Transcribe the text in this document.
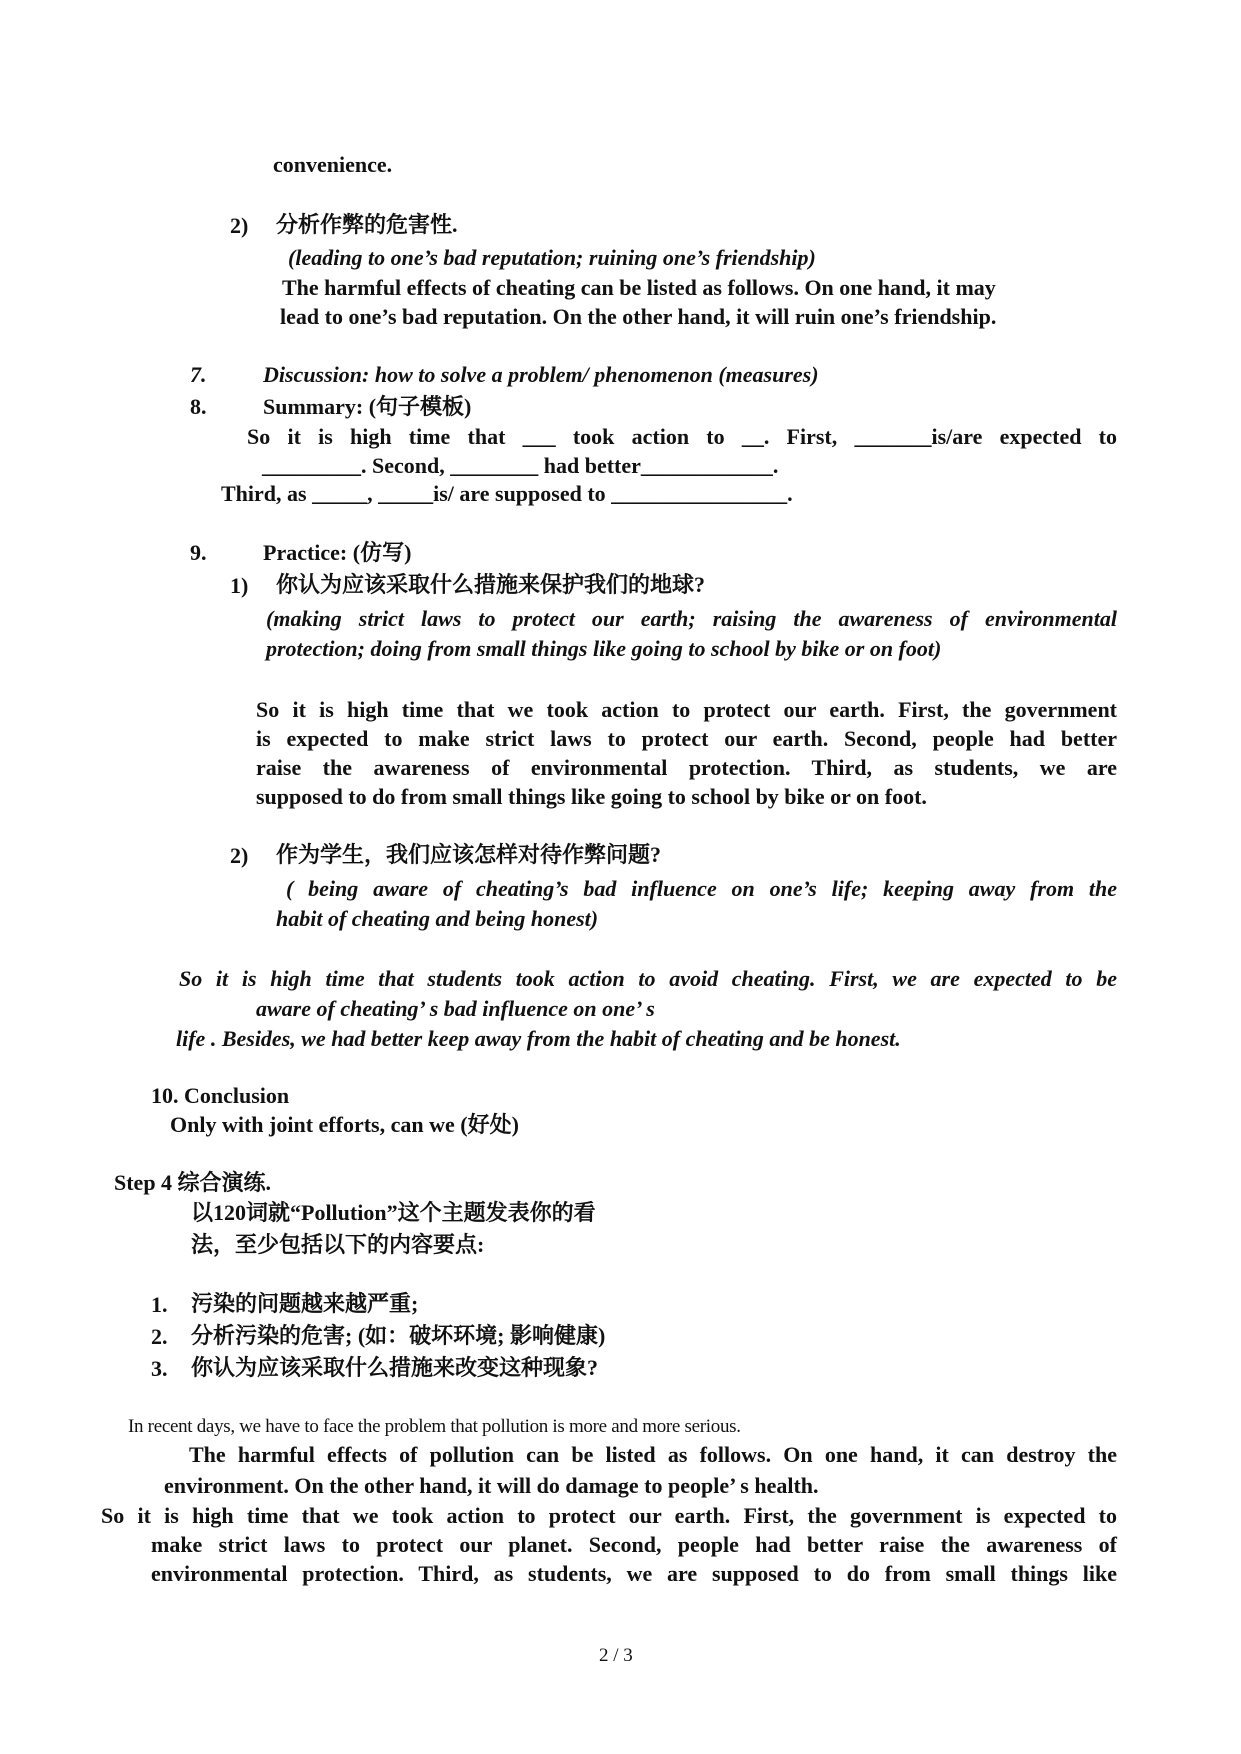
convenience.
2) 分析作弊的危害性.
(leading to one’s bad reputation; ruining one’s friendship)
The harmful effects of cheating can be listed as follows. On one hand, it may
lead to one’s bad reputation. On the other hand, it will ruin one’s friendship.
7.	Discussion: how to solve a problem/ phenomenon (measures)
8.	Summary: (句子模板)
So it is high time that ___ took action to __. First, _______is/are expected to
_________. Second, ________ had better____________.
Third, as _____, _____is/ are supposed to ________________.
9.	Practice: (仿写)
1) 你认为应该采取什么措施来保护我们的地球?
(making strict laws to protect our earth; raising the awareness of environmental
protection; doing from small things like going to school by bike or on foot)
So it is high time that we took action to protect our earth. First, the government
is expected to make strict laws to protect our earth. Second, people had better
raise the awareness of environmental protection. Third, as students, we are
supposed to do from small things like going to school by bike or on foot.
2) 作为学生，我们应该怎样对待作弊问题?
( being aware of cheating’s bad influence on one’s life; keeping away from the
habit of cheating and being honest)
So it is high time that students took action to avoid cheating. First, we are expected to be
aware of cheating’ s bad influence on one’ s
life . Besides, we had better keep away from the habit of cheating and be honest.
10. Conclusion
Only with joint efforts, can we (好处)
Step 4 综合演练.
以120词就“Pollution”这个主题发表你的看
法，至少包括以下的内容要点:
1. 污染的问题越来越严重;
2. 分析污染的危害; (如：破坏环境; 影响健康)
3. 你认为应该采取什么措施来改变这种现象?
In recent days, we have to face the problem that pollution is more and more serious.
The harmful effects of pollution can be listed as follows. On one hand, it can destroy the
environment. On the other hand, it will do damage to people’ s health.
So it is high time that we took action to protect our earth. First, the government is expected to
make strict laws to protect our planet. Second, people had better raise the awareness of
environmental protection. Third, as students, we are supposed to do from small things like
2 / 3
